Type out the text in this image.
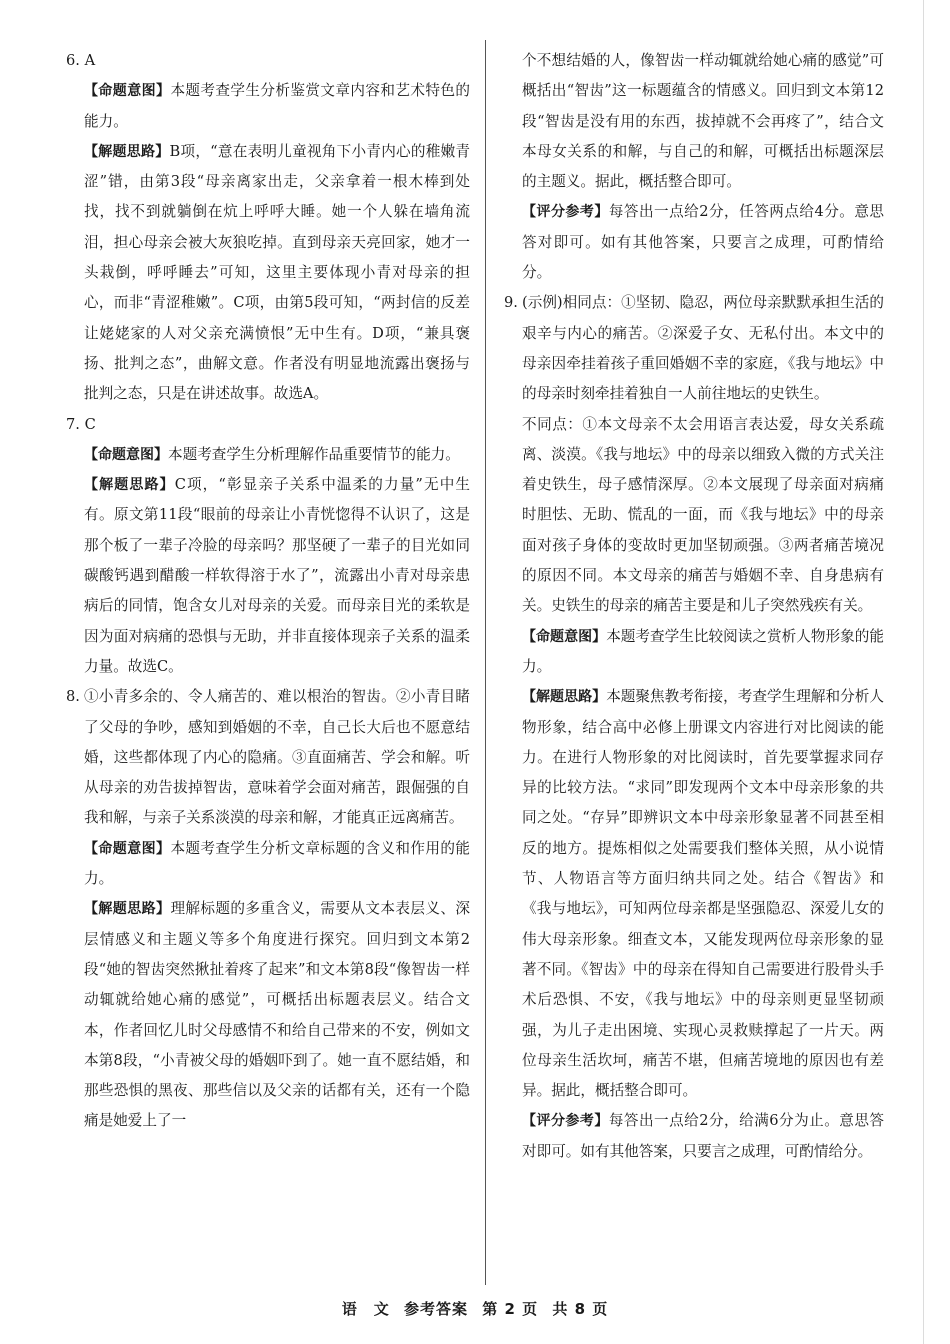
6. A

【命题意图】本题考查学生分析鉴赏文章内容和艺术特色的能力。

【解题思路】B项，“意在表明儿童视角下小青内心的稚嫩青涩”错，由第3段“母亲离家出走，父亲拿着一根木棒到处找，找不到就躺倒在炕上呼呼大睡。她一个人躲在墙角流泪，担心母亲会被大灰狼吃掉。直到母亲天亮回家，她才一头栽倒，呼呼睡去”可知，这里主要体现小青对母亲的担心，而非“青涩稚嫩”。C项，由第5段可知，“两封信的反差让姥姥家的人对父亲充满愤恨”无中生有。D项，“兼具褒扬、批判之态”，曲解文意。作者没有明显地流露出褒扬与批判之态，只是在讲述故事。故选A。

7. C

【命题意图】本题考查学生分析理解作品重要情节的能力。

【解题思路】C项，“彰显亲子关系中温柔的力量”无中生有。原文第11段“眼前的母亲让小青恍惚得不认识了，这是那个板了一辈子冷脸的母亲吗？那坚硬了一辈子的目光如同碳酸钙遇到醋酸一样软得溶于水了”，流露出小青对母亲患病后的同情，饱含女儿对母亲的关爱。而母亲目光的柔软是因为面对病痛的恐惧与无助，并非直接体现亲子关系的温柔力量。故选C。

8. ①小青多余的、令人痛苦的、难以根治的智齿。②小青目睹了父母的争吵，感知到婚姻的不幸，自己长大后也不愿意结婚，这些都体现了内心的隐痛。③直面痛苦、学会和解。听从母亲的劝告拔掉智齿，意味着学会面对痛苦，跟倔强的自我和解，与亲子关系淡漠的母亲和解，才能真正远离痛苦。

【命题意图】本题考查学生分析文章标题的含义和作用的能力。

【解题思路】理解标题的多重含义，需要从文本表层义、深层情感义和主题义等多个角度进行探究。回归到文本第2段“她的智齿突然揪扯着疼了起来”和文本第8段“像智齿一样动辄就给她心痛的感觉”，可概括出标题表层义。结合文本，作者回忆儿时父母感情不和给自己带来的不安，例如文本第8段，“小青被父母的婚姻吓到了。她一直不愿结婚，和那些恐惧的黑夜、那些信以及父亲的话都有关，还有一个隐痛是她爱上了一

个不想结婚的人，像智齿一样动辄就给她心痛的感觉”可概括出“智齿”这一标题蕴含的情感义。回归到文本第12段“智齿是没有用的东西，拔掉就不会再疼了”，结合文本母女关系的和解，与自己的和解，可概括出标题深层的主题义。据此，概括整合即可。

【评分参考】每答出一点给2分，任答两点给4分。意思答对即可。如有其他答案，只要言之成理，可酌情给分。

9. (示例)相同点：①坚韧、隐忍，两位母亲默默承担生活的艰辛与内心的痛苦。②深爱子女、无私付出。本文中的母亲因牵挂着孩子重回婚姻不幸的家庭，《我与地坛》中的母亲时刻牵挂着独自一人前往地坛的史铁生。

不同点：①本文母亲不太会用语言表达爱，母女关系疏离、淡漠。《我与地坛》中的母亲以细致入微的方式关注着史铁生，母子感情深厚。②本文展现了母亲面对病痛时胆怯、无助、慌乱的一面，而《我与地坛》中的母亲面对孩子身体的变故时更加坚韧顽强。③两者痛苦境况的原因不同。本文母亲的痛苦与婚姻不幸、自身患病有关。史铁生的母亲的痛苦主要是和儿子突然残疾有关。

【命题意图】本题考查学生比较阅读之赏析人物形象的能力。

【解题思路】本题聚焦教考衔接，考查学生理解和分析人物形象，结合高中必修上册课文内容进行对比阅读的能力。在进行人物形象的对比阅读时，首先要掌握求同存异的比较方法。“求同”即发现两个文本中母亲形象的共同之处。“存异”即辨识文本中母亲形象显著不同甚至相反的地方。提炼相似之处需要我们整体关照，从小说情节、人物语言等方面归纳共同之处。结合《智齿》和《我与地坛》，可知两位母亲都是坚强隐忍、深爱儿女的伟大母亲形象。细查文本，又能发现两位母亲形象的显著不同。《智齿》中的母亲在得知自己需要进行股骨头手术后恐惧、不安，《我与地坛》中的母亲则更显坚韧顽强，为儿子走出困境、实现心灵救赎撑起了一片天。两位母亲生活坎坷，痛苦不堪，但痛苦境地的原因也有差异。据此，概括整合即可。

【评分参考】每答出一点给2分，给满6分为止。意思答对即可。如有其他答案，只要言之成理，可酌情给分。

语　文 参考答案 第 2 页 共 8 页
